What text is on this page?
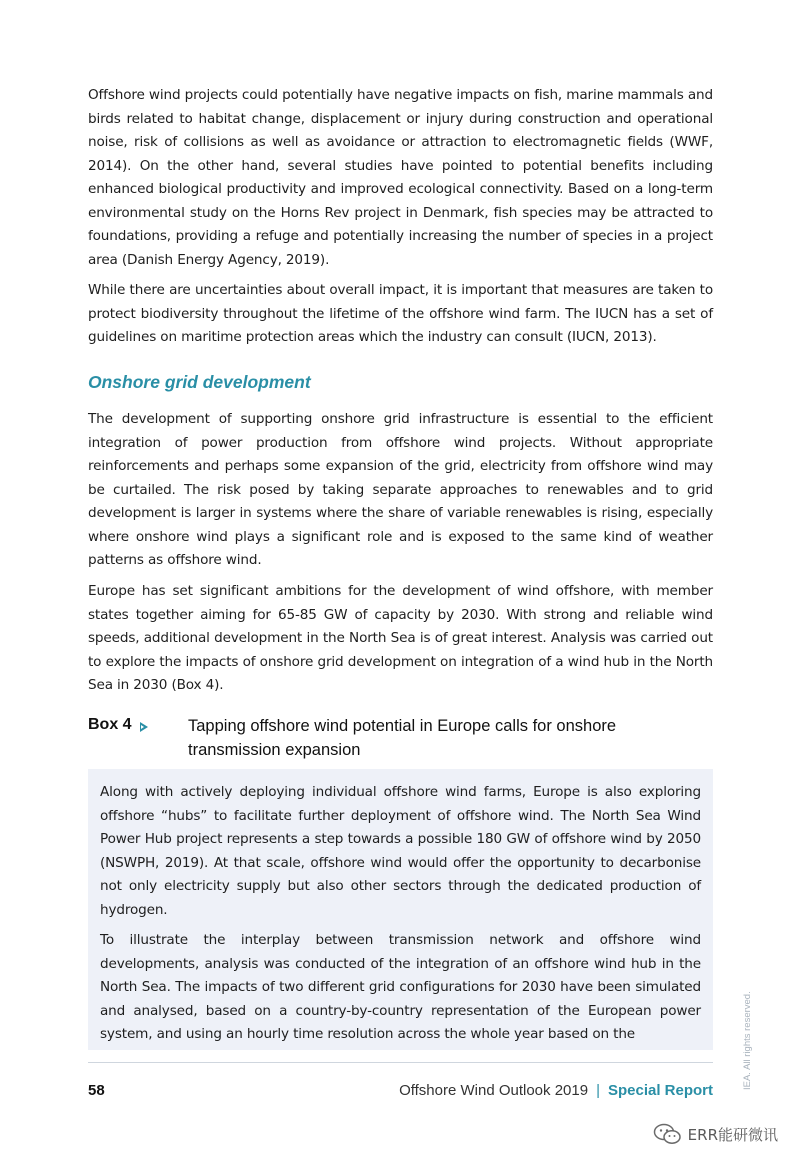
Offshore wind projects could potentially have negative impacts on fish, marine mammals and birds related to habitat change, displacement or injury during construction and operational noise, risk of collisions as well as avoidance or attraction to electromagnetic fields (WWF, 2014). On the other hand, several studies have pointed to potential benefits including enhanced biological productivity and improved ecological connectivity. Based on a long-term environmental study on the Horns Rev project in Denmark, fish species may be attracted to foundations, providing a refuge and potentially increasing the number of species in a project area (Danish Energy Agency, 2019).

While there are uncertainties about overall impact, it is important that measures are taken to protect biodiversity throughout the lifetime of the offshore wind farm. The IUCN has a set of guidelines on maritime protection areas which the industry can consult (IUCN, 2013).

Onshore grid development

The development of supporting onshore grid infrastructure is essential to the efficient integration of power production from offshore wind projects. Without appropriate reinforcements and perhaps some expansion of the grid, electricity from offshore wind may be curtailed. The risk posed by taking separate approaches to renewables and to grid development is larger in systems where the share of variable renewables is rising, especially where onshore wind plays a significant role and is exposed to the same kind of weather patterns as offshore wind.

Europe has set significant ambitions for the development of wind offshore, with member states together aiming for 65-85 GW of capacity by 2030. With strong and reliable wind speeds, additional development in the North Sea is of great interest. Analysis was carried out to explore the impacts of onshore grid development on integration of a wind hub in the North Sea in 2030 (Box 4).

Box 4	Tapping offshore wind potential in Europe calls for onshore transmission expansion

Along with actively deploying individual offshore wind farms, Europe is also exploring offshore “hubs” to facilitate further deployment of offshore wind. The North Sea Wind Power Hub project represents a step towards a possible 180 GW of offshore wind by 2050 (NSWPH, 2019). At that scale, offshore wind would offer the opportunity to decarbonise not only electricity supply but also other sectors through the dedicated production of hydrogen.

To illustrate the interplay between transmission network and offshore wind developments, analysis was conducted of the integration of an offshore wind hub in the North Sea. The impacts of two different grid configurations for 2030 have been simulated and analysed, based on a country-by-country representation of the European power system, and using an hourly time resolution across the whole year based on the

58	Offshore Wind Outlook 2019 | Special Report
IEA. All rights reserved.
ERR能研微讯
